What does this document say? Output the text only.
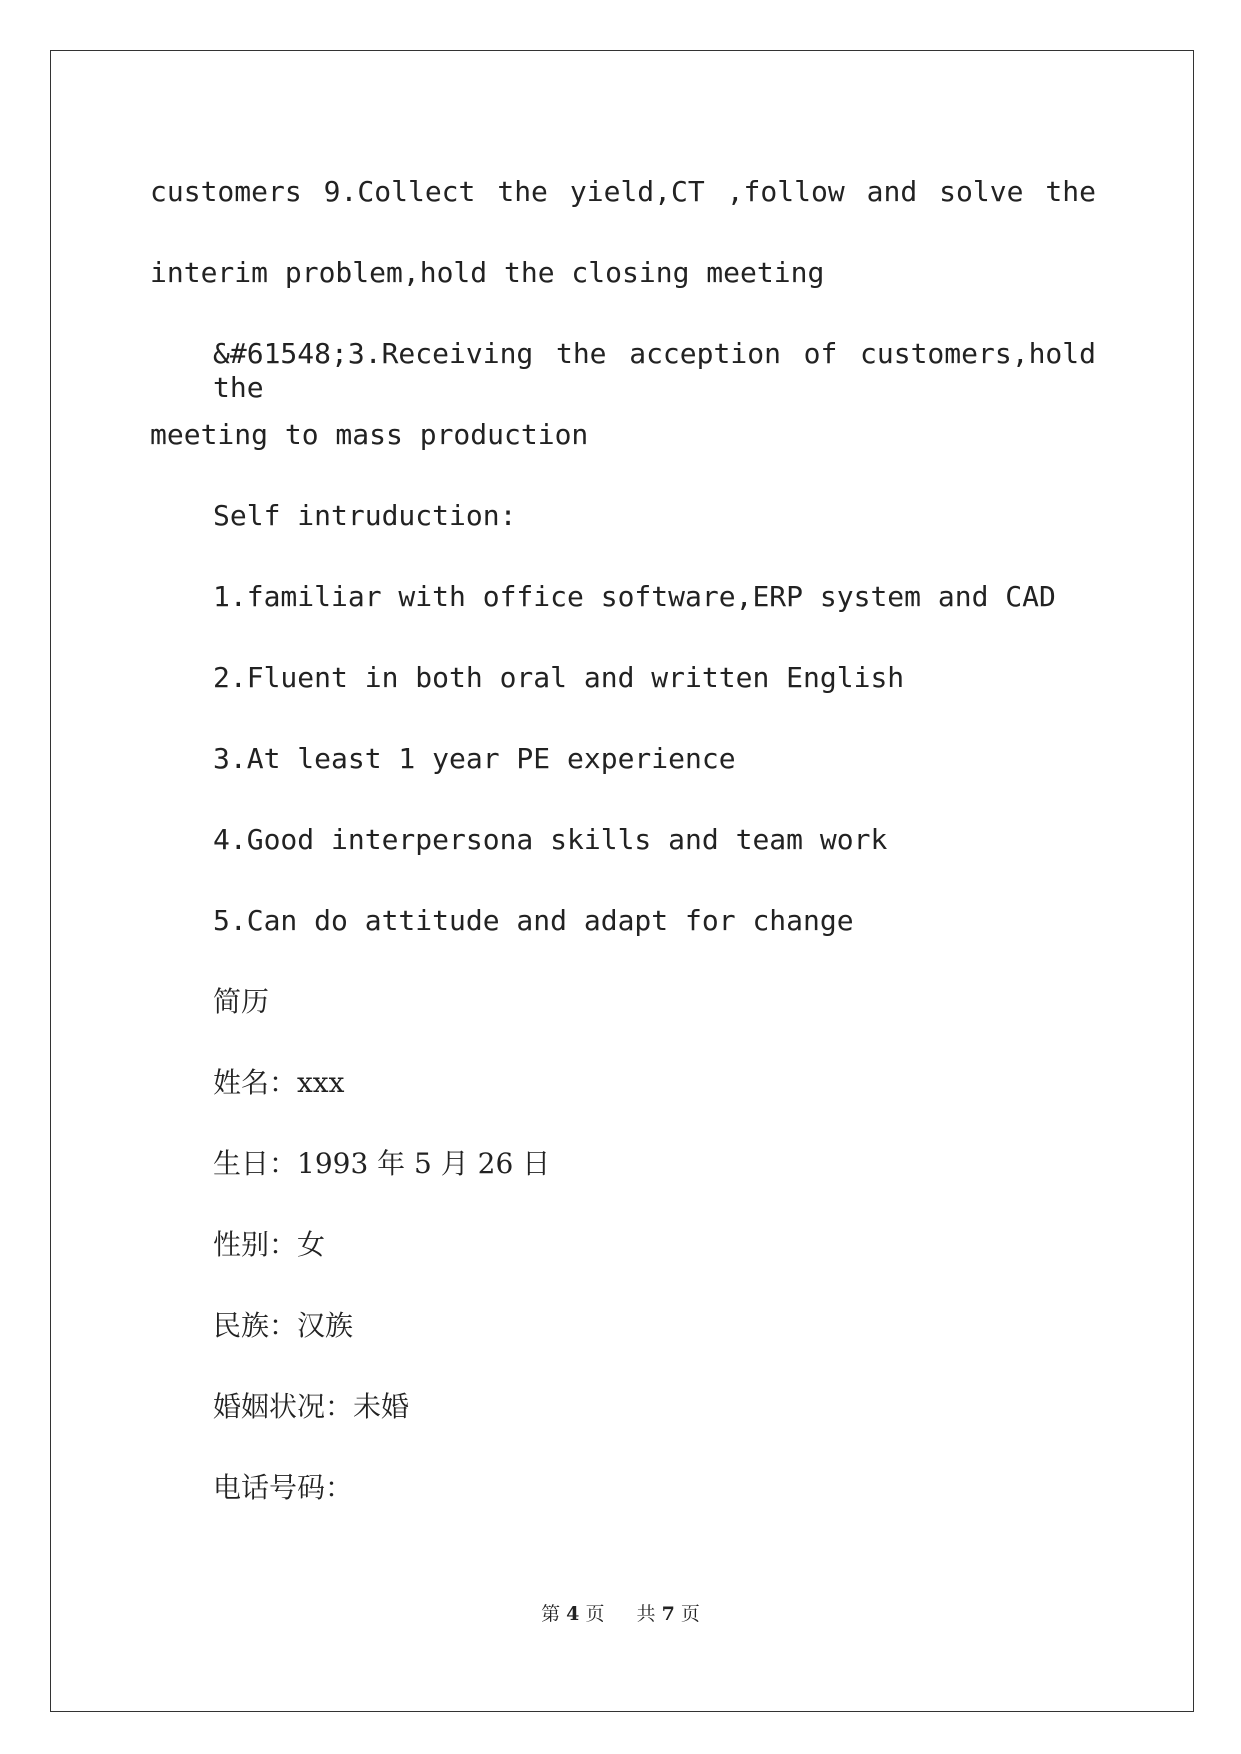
customers 9.Collect the yield,CT ,follow and solve the
interim problem,hold the closing meeting
&#61548;3.Receiving the acception of customers,hold the
meeting to mass production
Self intruduction:
1.familiar with office software,ERP system and CAD
2.Fluent in both oral and written English
3.At least 1 year PE experience
4.Good interpersona skills and team work
5.Can do attitude and adapt for change
简历
姓名：xxx
生日：1993 年 5 月 26 日
性别：女
民族：汉族
婚姻状况：未婚
电话号码：
第 4 页 共 7 页
